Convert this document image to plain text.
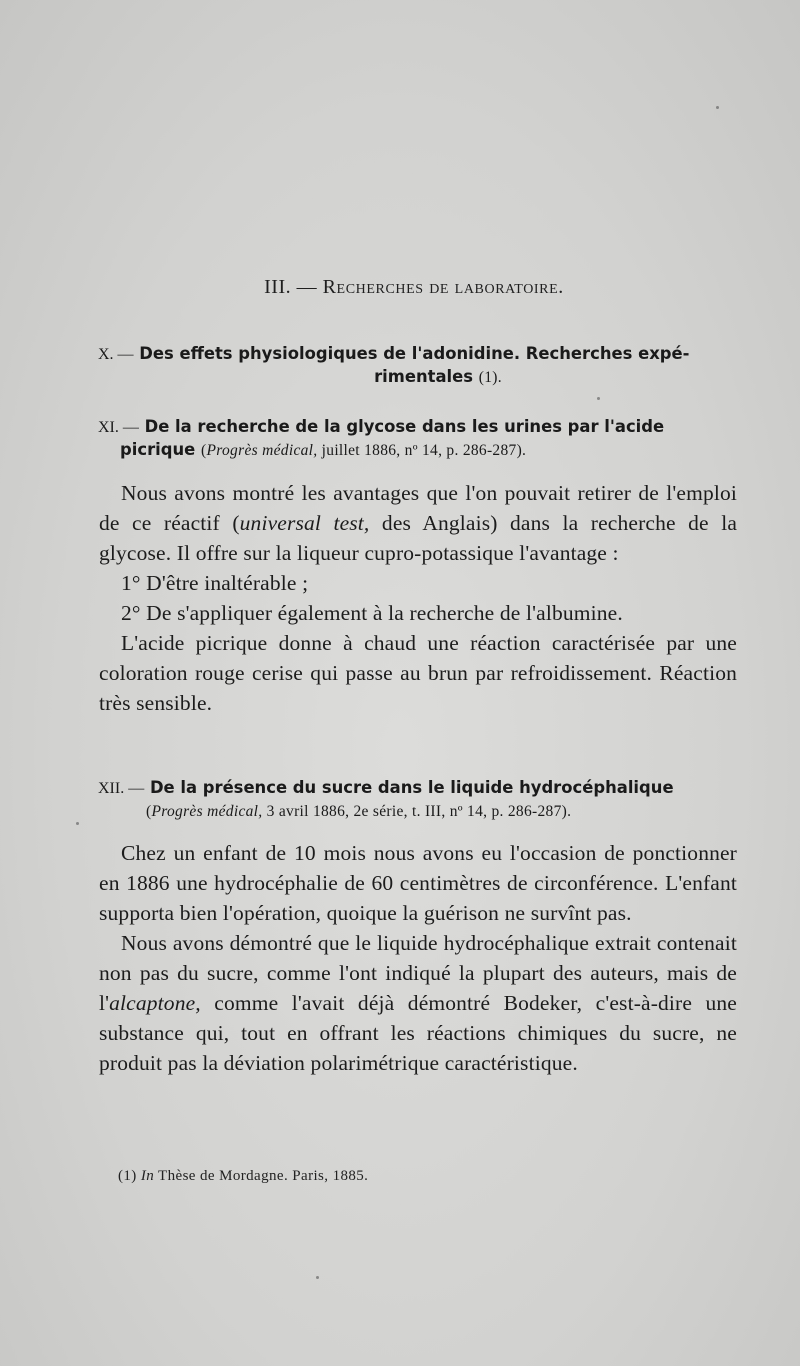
III. — Recherches de laboratoire.
X. — Des effets physiologiques de l'adonidine. Recherches expé-
rimentales (1).
XI. — De la recherche de la glycose dans les urines par l'acide
picrique (Progrès médical, juillet 1886, nº 14, p. 286-287).

Nous avons montré les avantages que l'on pouvait retirer de l'emploi de ce réactif (universal test, des Anglais) dans la recherche de la glycose. Il offre sur la liqueur cupro-potassique l'avantage :

1° D'être inaltérable ;

2° De s'appliquer également à la recherche de l'albumine.

L'acide picrique donne à chaud une réaction caractérisée par une coloration rouge cerise qui passe au brun par refroidissement. Réaction très sensible.

XII. — De la présence du sucre dans le liquide hydrocéphalique
(Progrès médical, 3 avril 1886, 2e série, t. III, nº 14, p. 286-287).

Chez un enfant de 10 mois nous avons eu l'occasion de ponctionner en 1886 une hydrocéphalie de 60 centimètres de circonférence. L'enfant supporta bien l'opération, quoique la guérison ne survînt pas.

Nous avons démontré que le liquide hydrocéphalique extrait contenait non pas du sucre, comme l'ont indiqué la plupart des auteurs, mais de l'alcaptone, comme l'avait déjà démontré Bodeker, c'est-à-dire une substance qui, tout en offrant les réactions chimiques du sucre, ne produit pas la déviation polarimétrique caractéristique.

(1) In Thèse de Mordagne. Paris, 1885.
